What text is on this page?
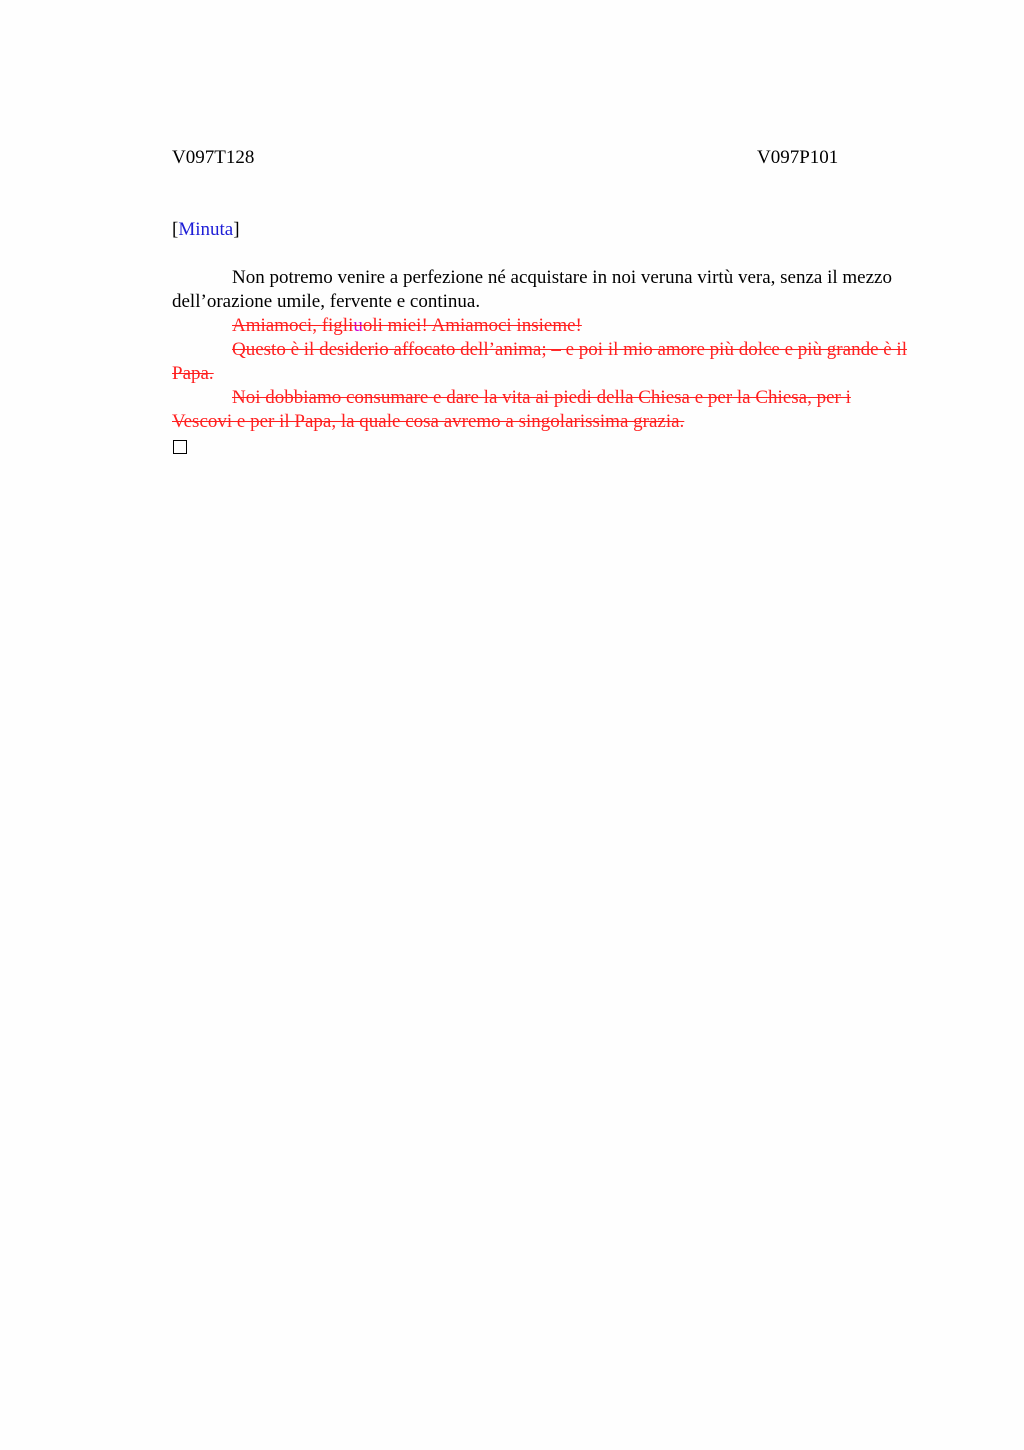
V097T128	V097P101
[Minuta]

Non potremo venire a perfezione né acquistare in noi veruna virtù vera, senza il mezzo dell’orazione umile, fervente e continua.

Amiamoci, figliuoli miei! Amiamoci insieme!

Questo è il desiderio affocato dell’anima; – e poi il mio amore più dolce e più grande è il Papa.

Noi dobbiamo consumare e dare la vita ai piedi della Chiesa e per la Chiesa, per i Vescovi e per il Papa, la quale cosa avremo a singolarissima grazia.
